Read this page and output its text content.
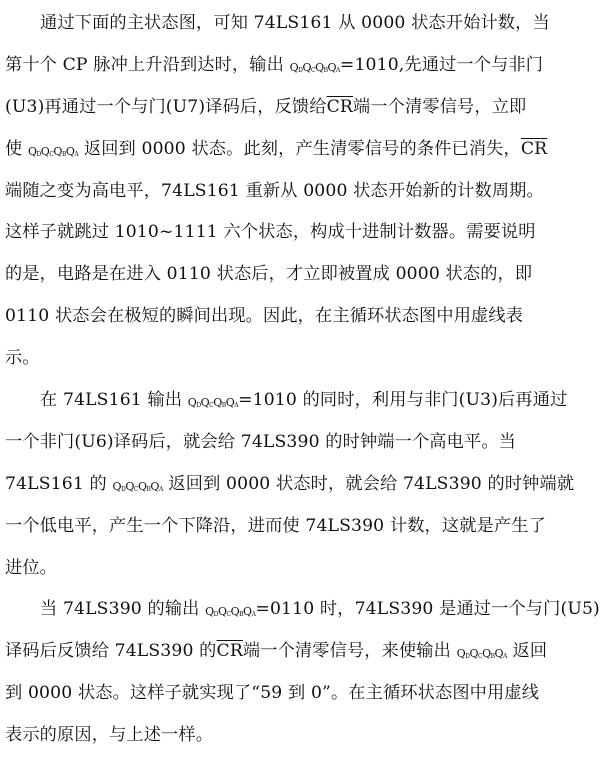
通过下面的主状态图，可知 74LS161 从 0000 状态开始计数，当
第十个 CP 脉冲上升沿到达时，输出 $Q_DQ_CQ_BQ_A=1010$,先通过一个与非门
(U3)再通过一个与门(U7)译码后，反馈给$\overline{CR}$端一个清零信号，立即
使 $Q_DQ_CQ_BQ_A$ 返回到 0000 状态。此刻，产生清零信号的条件已消失，$\overline{CR}$
端随之变为高电平，74LS161 重新从 0000 状态开始新的计数周期。
这样子就跳过 1010~1111 六个状态，构成十进制计数器。需要说明
的是，电路是在进入 0110 状态后，才立即被置成 0000 状态的，即
0110 状态会在极短的瞬间出现。因此，在主循环状态图中用虚线表
示。
在 74LS161 输出 $Q_DQ_CQ_BQ_A=1010$ 的同时，利用与非门(U3)后再通过
一个非门(U6)译码后，就会给 74LS390 的时钟端一个高电平。当
74LS161 的 $Q_DQ_CQ_BQ_A$ 返回到 0000 状态时，就会给 74LS390 的时钟端就
一个低电平，产生一个下降沿，进而使 74LS390 计数，这就是产生了
进位。
当 74LS390 的输出 $Q_DQ_CQ_BQ_A=0110$ 时，74LS390 是通过一个与门(U5)
译码后反馈给 74LS390 的$\overline{CR}$端一个清零信号，来使输出 $Q_DQ_CQ_BQ_A$ 返回
到 0000 状态。这样子就实现了“59 到 0”。在主循环状态图中用虚线
表示的原因，与上述一样。
